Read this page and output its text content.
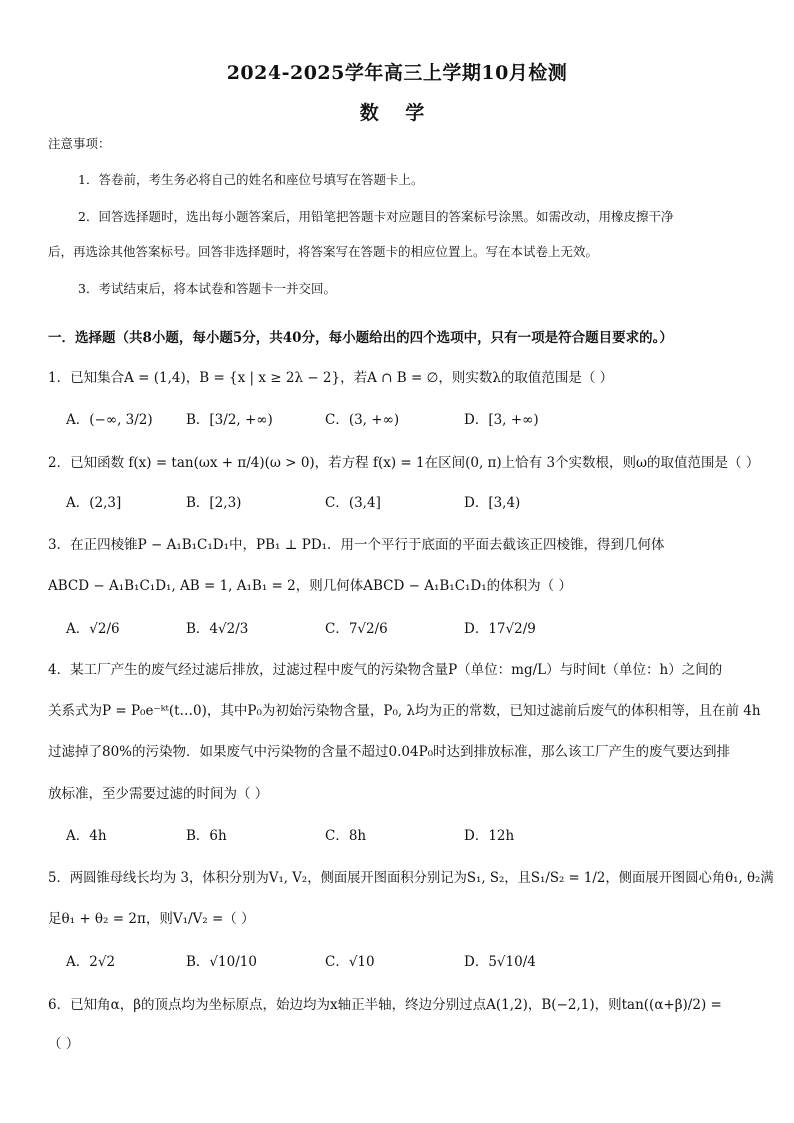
2024-2025学年高三上学期10月检测
数 学
注意事项：
1．答卷前，考生务必将自己的姓名和座位号填写在答题卡上。
2．回答选择题时，选出每小题答案后，用铅笔把答题卡对应题目的答案标号涂黑。如需改动，用橡皮擦干净
后，再选涂其他答案标号。回答非选择题时，将答案写在答题卡的相应位置上。写在本试卷上无效。
3．考试结束后，将本试卷和答题卡一并交回。
一．选择题（共8小题，每小题5分，共40分，每小题给出的四个选项中，只有一项是符合题目要求的。）
1．已知集合A = (1,4)，B = {x | x ≥ 2λ − 2}，若A ∩ B = ∅，则实数λ的取值范围是（ ）
A．(−∞, 3/2) B．[3/2, +∞)	C．(3, +∞)	D．[3, +∞)
2．已知函数 f(x) = tan(ωx + π/4)(ω > 0)，若方程 f(x) = 1在区间(0, π)上恰有 3个实数根，则ω的取值范围是（ ）
A．(2,3]	B．[2,3)	C．(3,4]	D．[3,4)
3．在正四棱锥P − A₁B₁C₁D₁中，PB₁ ⊥ PD₁．用一个平行于底面的平面去截该正四棱锥，得到几何体
ABCD − A₁B₁C₁D₁, AB = 1, A₁B₁ = 2，则几何体ABCD − A₁B₁C₁D₁的体积为（ ）
A．√2/6	B．4√2/3	C．7√2/6	D．17√2/9
4．某工厂产生的废气经过滤后排放，过滤过程中废气的污染物含量P（单位：mg/L）与时间t（单位：h）之间的
关系式为P = P₀e⁻ᵏᵗ(t…0)，其中P₀为初始污染物含量，P₀, λ均为正的常数，已知过滤前后废气的体积相等，且在前 4h
过滤掉了80%的污染物．如果废气中污染物的含量不超过0.04P₀时达到排放标准，那么该工厂产生的废气要达到排
放标准，至少需要过滤的时间为（ ）
A．4h	B．6h	C．8h	D．12h
5．两圆锥母线长均为 3，体积分别为V₁, V₂，侧面展开图面积分别记为S₁, S₂，且S₁/S₂ = 1/2，侧面展开图圆心角θ₁, θ₂满
足θ₁ + θ₂ = 2π，则V₁/V₂ =（ ）
A．2√2	B．√10/10	C．√10	D．5√10/4
6．已知角α，β的顶点均为坐标原点，始边均为x轴正半轴，终边分别过点A(1,2)，B(−2,1)，则tan((α+β)/2) =
（ ）
